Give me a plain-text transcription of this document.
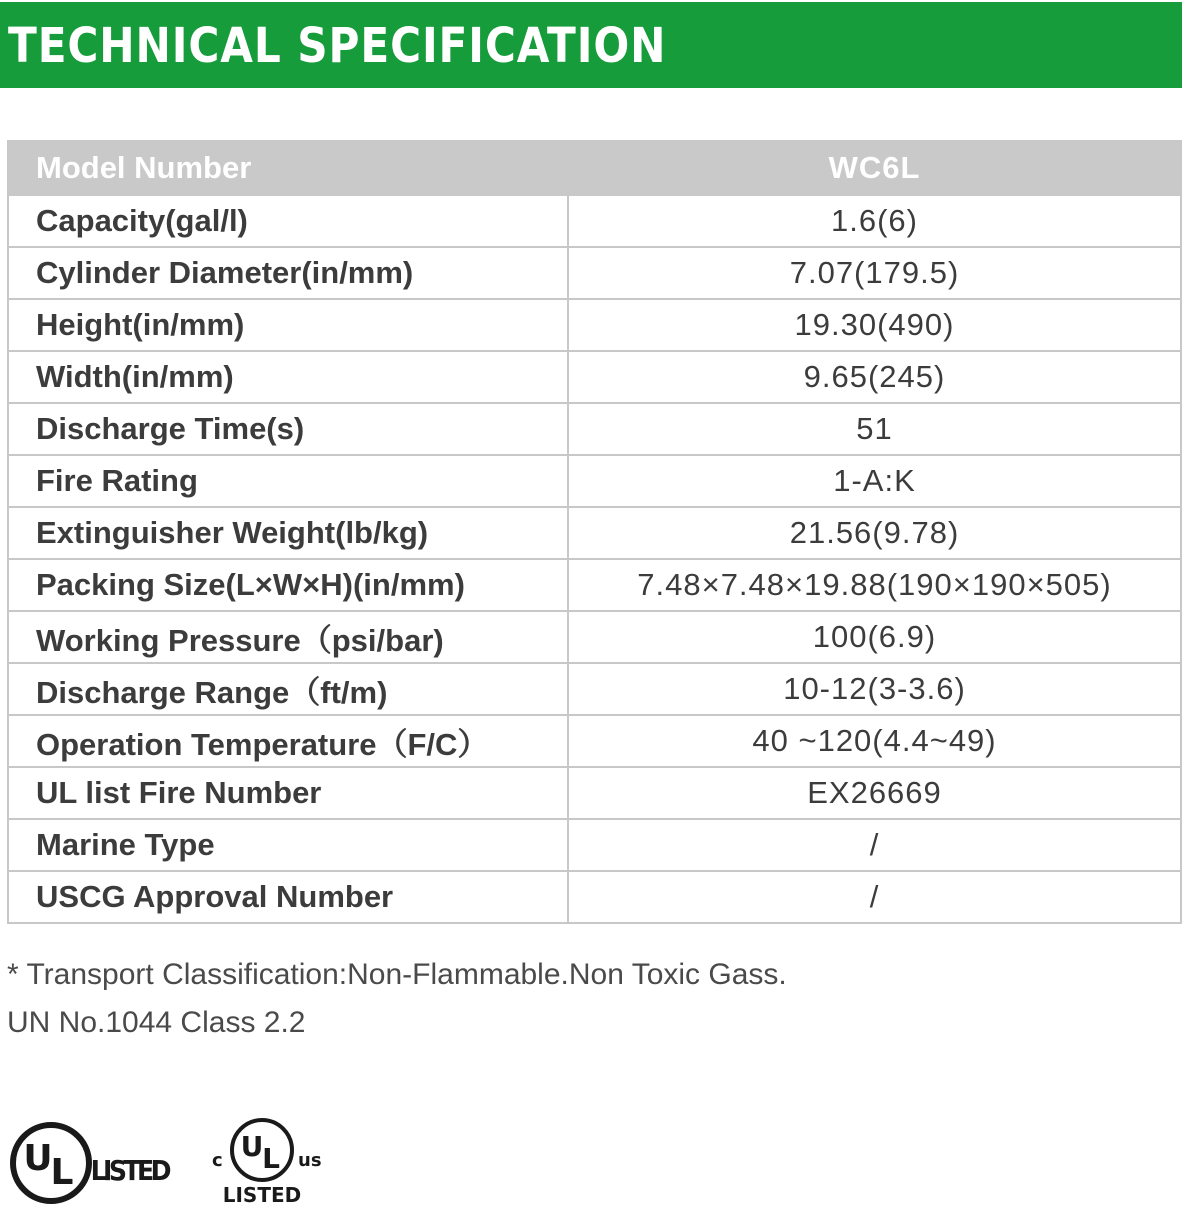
TECHNICAL SPECIFICATION
Model Number	WC6L
Capacity(gal/l)	1.6(6)
Cylinder Diameter(in/mm)	7.07(179.5)
Height(in/mm)	19.30(490)
Width(in/mm)	9.65(245)
Discharge Time(s)	51
Fire Rating	1-A:K
Extinguisher Weight(lb/kg)	21.56(9.78)
Packing Size(L×W×H)(in/mm)	7.48×7.48×19.88(190×190×505)
Working Pressure（psi/bar)	100(6.9)
Discharge Range（ft/m)	10-12(3-3.6)
Operation Temperature（F/C）	40 ~120(4.4~49)
UL list Fire Number	EX26669
Marine Type	/
USCG Approval Number	/
* Transport Classification:Non-Flammable.Non Toxic Gass.
UN No.1044 Class 2.2
U
L LISTED
U
L
c	us
LISTED
